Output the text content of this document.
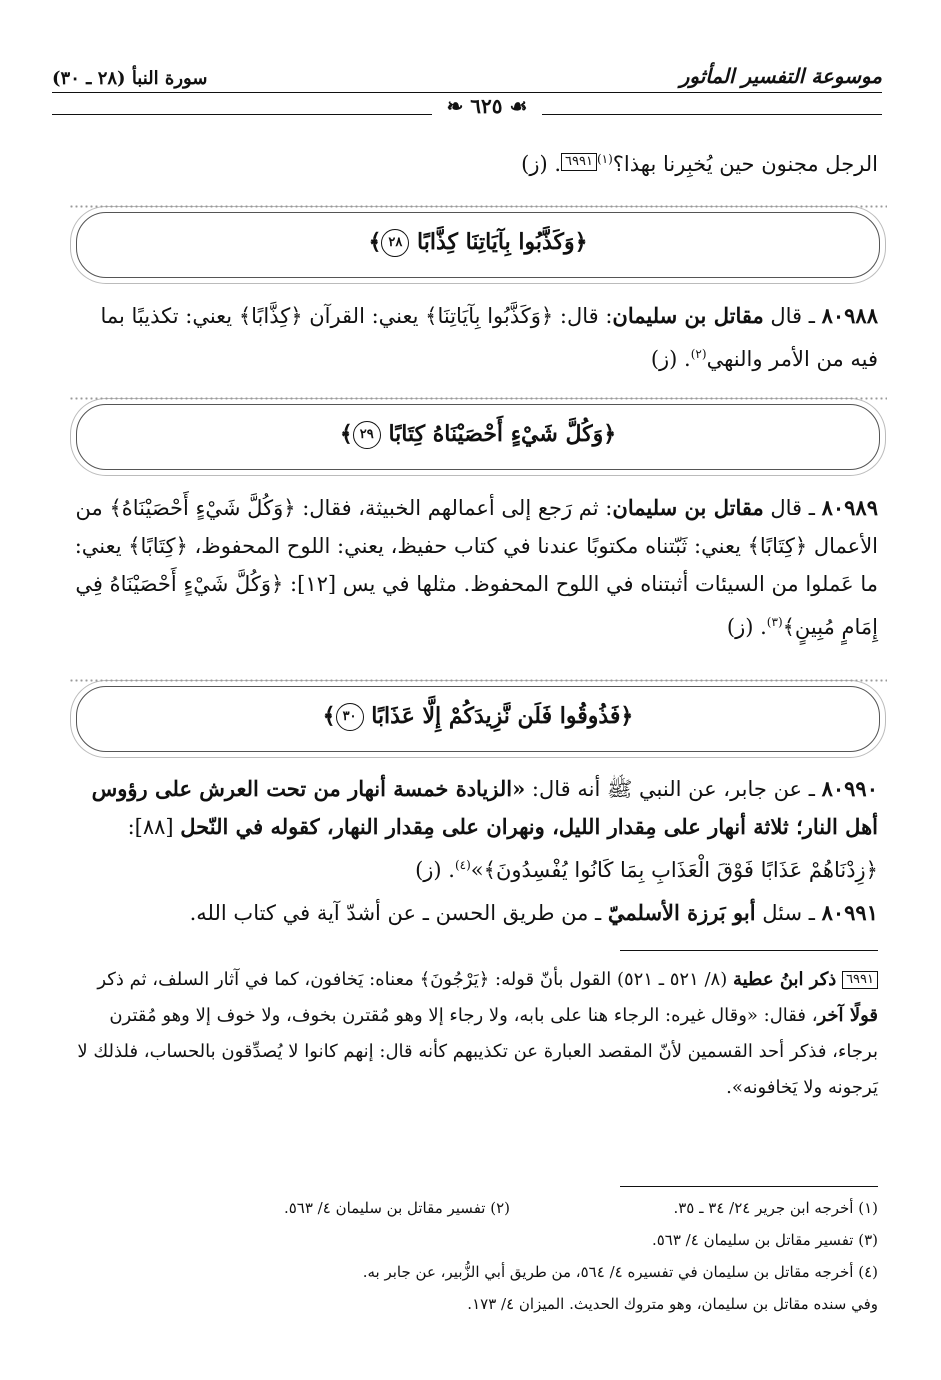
موسوعة التفسير المأثور
سورة النبأ (٢٨ ـ ٣٠)
❧ ٦٢٥ ☙
الرجل مجنون حين يُخبِرنا بهذا؟$^{(١)}$٦٩٩١. (ز)
﴿وَكَذَّبُوا بِآيَاتِنَا كِذَّابًا ٢٨﴾
٨٠٩٨٨ ـ قال مقاتل بن سليمان: قال: ﴿وَكَذَّبُوا بِآيَاتِنَا﴾ يعني: القرآن ﴿كِذَّابًا﴾ يعني: تكذيبًا بما فيه من الأمر والنهي$^{(٢)}$. (ز)
﴿وَكُلَّ شَيْءٍ أَحْصَيْنَاهُ كِتَابًا ٢٩﴾
٨٠٩٨٩ ـ قال مقاتل بن سليمان: ثم رَجع إلى أعمالهم الخبيثة، فقال: ﴿وَكُلَّ شَيْءٍ أَحْصَيْنَاهُ﴾ من الأعمال ﴿كِتَابًا﴾ يعني: ثَبّتناه مكتوبًا عندنا في كتاب حفيظ، يعني: اللوح المحفوظ، ﴿كِتَابًا﴾ يعني: ما عَملوا من السيئات أثبتناه في اللوح المحفوظ. مثلها في يس [١٢]: ﴿وَكُلَّ شَيْءٍ أَحْصَيْنَاهُ فِي إِمَامٍ مُبِينٍ﴾$^{(٣)}$. (ز)
﴿فَذُوقُوا فَلَن نَّزِيدَكُمْ إِلَّا عَذَابًا ٣٠﴾
٨٠٩٩٠ ـ عن جابر، عن النبي ﷺ أنه قال: «الزيادة خمسة أنهار من تحت العرش على رؤوس أهل النار؛ ثلاثة أنهار على مِقدار الليل، ونهران على مِقدار النهار، كقوله في النّحل [٨٨]: ﴿زِدْنَاهُمْ عَذَابًا فَوْقَ الْعَذَابِ بِمَا كَانُوا يُفْسِدُونَ﴾»$^{(٤)}$. (ز)
٨٠٩٩١ ـ سئل أبو بَرزة الأسلميّ ـ من طريق الحسن ـ عن أشدّ آية في كتاب الله.
٦٩٩١ ذكر ابنُ عطية (٨/ ٥٢١ ـ ٥٢١) القول بأنّ قوله: ﴿يَرْجُونَ﴾ معناه: يَخافون، كما في آثار السلف، ثم ذكر قولًا آخر، فقال: «وقال غيره: الرجاء هنا على بابه، ولا رجاء إلا وهو مُقترن بخوف، ولا خوف إلا وهو مُقترن برجاء، فذكر أحد القسمين لأنّ المقصد العبارة عن تكذيبهم كأنه قال: إنهم كانوا لا يُصدِّقون بالحساب، فلذلك لا يَرجونه ولا يَخافونه».
(١) أخرجه ابن جرير ٢٤/ ٣٤ ـ ٣٥.
(٢) تفسير مقاتل بن سليمان ٤/ ٥٦٣.
(٣) تفسير مقاتل بن سليمان ٤/ ٥٦٣.
(٤) أخرجه مقاتل بن سليمان في تفسيره ٤/ ٥٦٤، من طريق أبي الزُّبير، عن جابر به.
وفي سنده مقاتل بن سليمان، وهو متروك الحديث. الميزان ٤/ ١٧٣.
